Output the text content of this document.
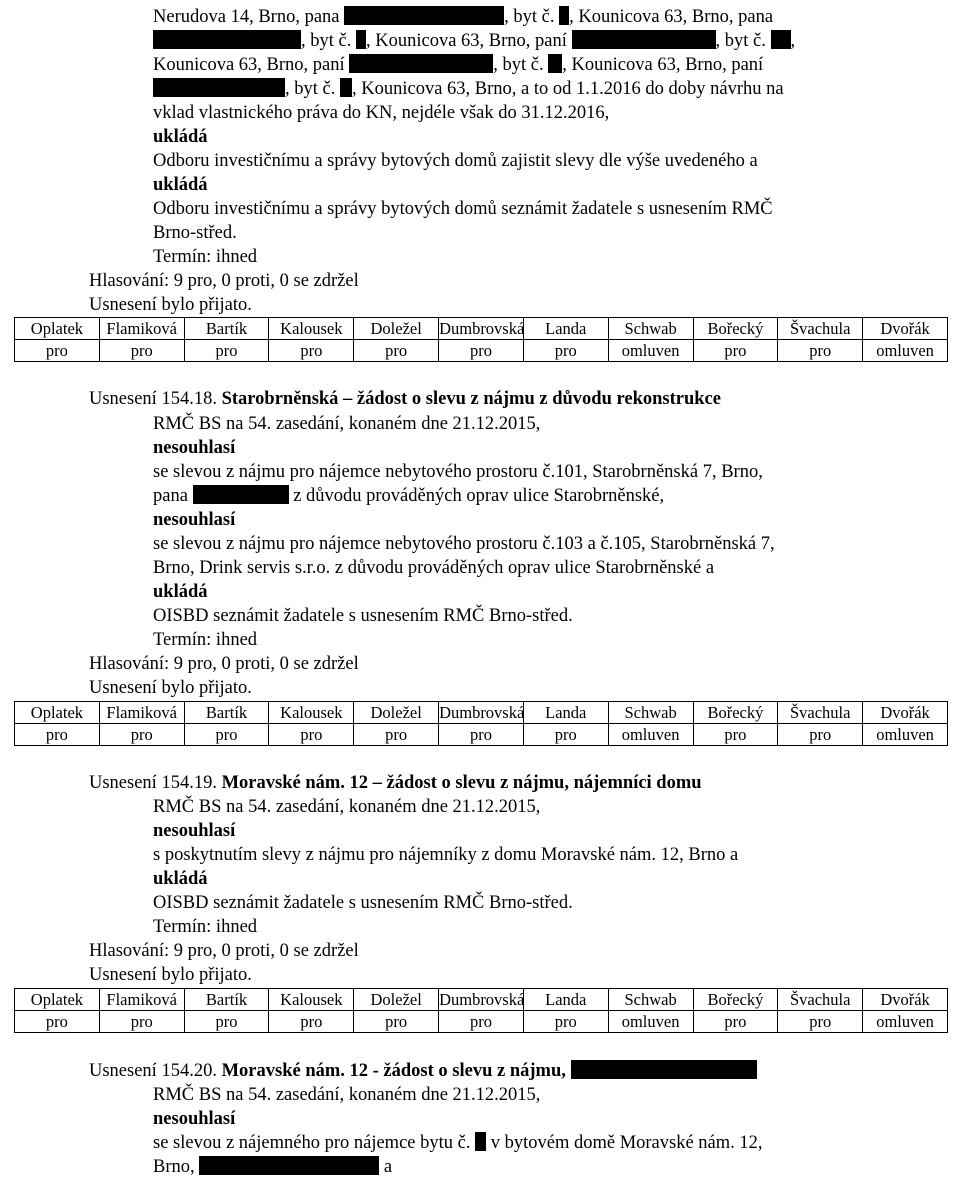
Nerudova 14, Brno, pana	, byt č. , Kounicova 63, Brno, pana
, byt č. , Kounicova 63, Brno, paní	, byt č. ,
Kounicova 63, Brno, paní	, byt č. , Kounicova 63, Brno, paní
, byt č. , Kounicova 63, Brno, a to od 1.1.2016 do doby návrhu na
vklad vlastnického práva do KN, nejdéle však do 31.12.2016,
ukládá
Odboru investičnímu a správy bytových domů zajistit slevy dle výše uvedeného a
ukládá
Odboru investičnímu a správy bytových domů seznámit žadatele s usnesením RMČ
Brno-střed.
Termín: ihned
Hlasování: 9 pro, 0 proti, 0 se zdržel
Usnesení bylo přijato.
Oplatek	Flamiková	Bartík	Kalousek	Doležel	Dumbrovská	Landa	Schwab	Bořecký	Švachula	Dvořák
pro	pro	pro	pro	pro	pro	pro	omluven	pro	pro	omluven
Usnesení 154.18. Starobrněnská – žádost o slevu z nájmu z důvodu rekonstrukce
RMČ BS na 54. zasedání, konaném dne 21.12.2015,
nesouhlasí
se slevou z nájmu pro nájemce nebytového prostoru č.101, Starobrněnská 7, Brno,
pana	z důvodu prováděných oprav ulice Starobrněnské,
nesouhlasí
se slevou z nájmu pro nájemce nebytového prostoru č.103 a č.105, Starobrněnská 7,
Brno, Drink servis s.r.o. z důvodu prováděných oprav ulice Starobrněnské a
ukládá
OISBD seznámit žadatele s usnesením RMČ Brno-střed.
Termín: ihned
Hlasování: 9 pro, 0 proti, 0 se zdržel
Usnesení bylo přijato.
Oplatek	Flamiková	Bartík	Kalousek	Doležel	Dumbrovská	Landa	Schwab	Bořecký	Švachula	Dvořák
pro	pro	pro	pro	pro	pro	pro	omluven	pro	pro	omluven
Usnesení 154.19. Moravské nám. 12 – žádost o slevu z nájmu, nájemníci domu
RMČ BS na 54. zasedání, konaném dne 21.12.2015,
nesouhlasí
s poskytnutím slevy z nájmu pro nájemníky z domu Moravské nám. 12, Brno a
ukládá
OISBD seznámit žadatele s usnesením RMČ Brno-střed.
Termín: ihned
Hlasování: 9 pro, 0 proti, 0 se zdržel
Usnesení bylo přijato.
Oplatek	Flamiková	Bartík	Kalousek	Doležel	Dumbrovská	Landa	Schwab	Bořecký	Švachula	Dvořák
pro	pro	pro	pro	pro	pro	pro	omluven	pro	pro	omluven
Usnesení 154.20. Moravské nám. 12 - žádost o slevu z nájmu,
RMČ BS na 54. zasedání, konaném dne 21.12.2015,
nesouhlasí
se slevou z nájemného pro nájemce bytu č. v bytovém domě Moravské nám. 12,
Brno,	a
